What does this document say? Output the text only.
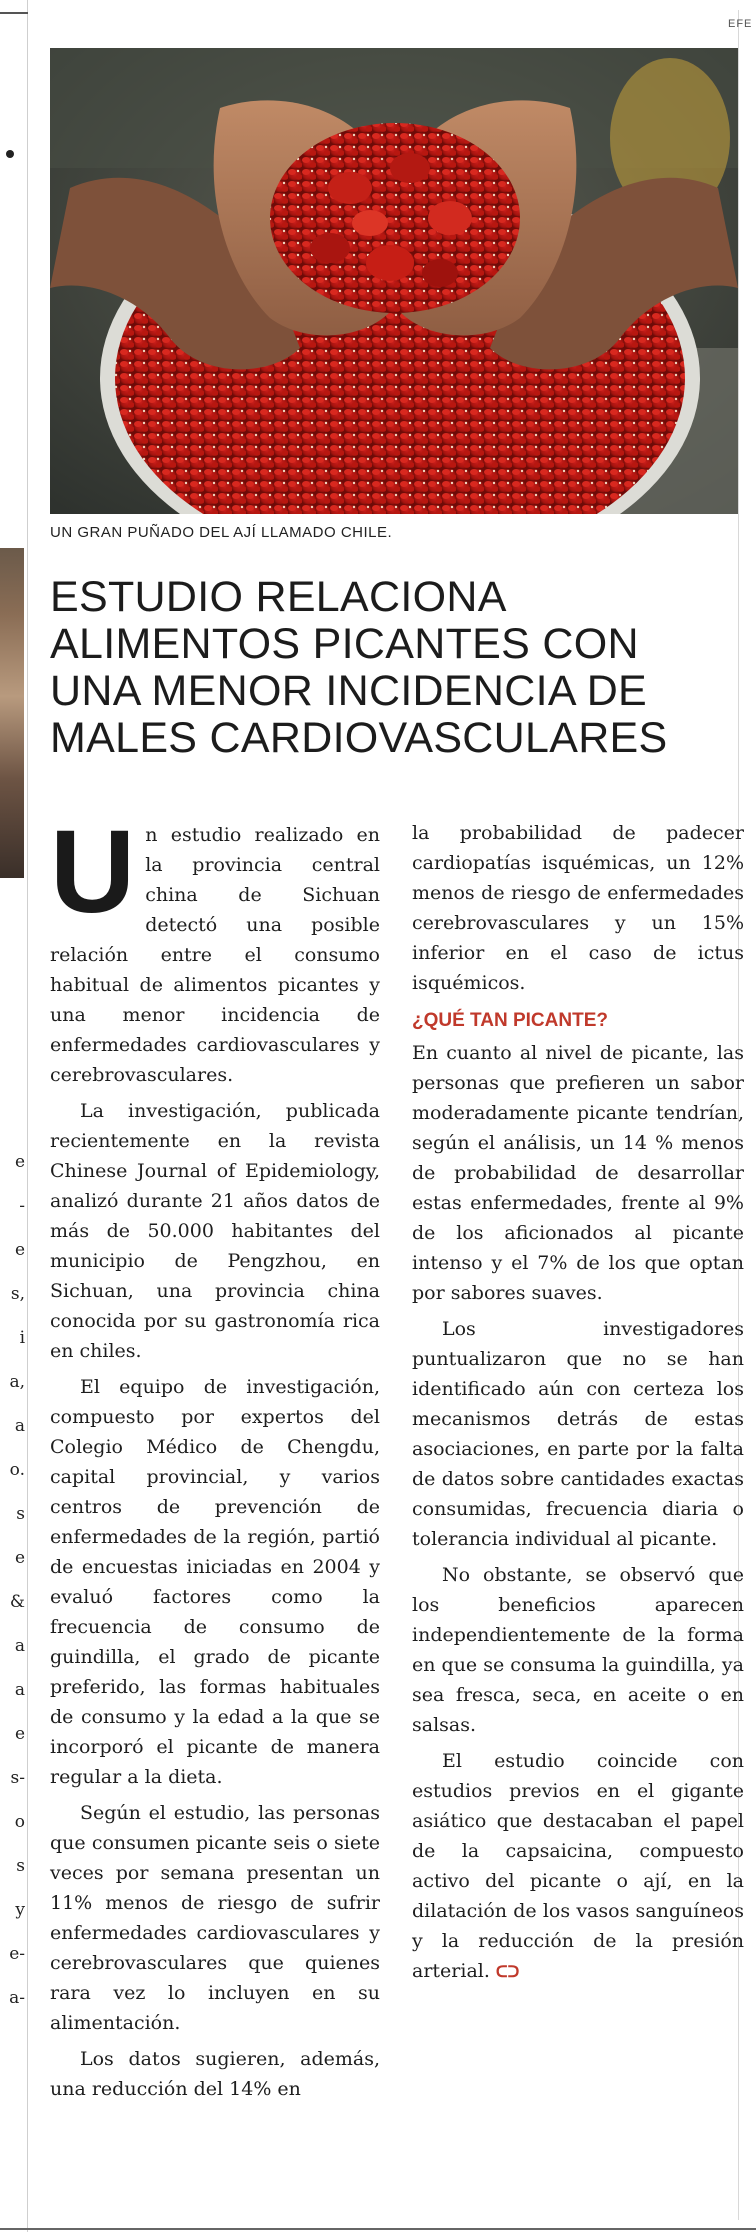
e
-
e
s,
i
a,
a
o.
s
e
&
a
a
e
s-
o
s
y
e-
a-
EFE
UN GRAN PUÑADO DEL AJÍ LLAMADO CHILE.
ESTUDIO RELACIONA ALIMENTOS PICANTES CON UNA MENOR INCIDENCIA DE MALES CARDIOVASCULARES

Un estudio realizado en la provincia central china de Sichuan detectó una posible relación entre el consumo habitual de alimentos picantes y una menor incidencia de enfermedades cardiovasculares y cerebrovasculares.

La investigación, publicada recientemente en la revista Chinese Journal of Epidemiology, analizó durante 21 años datos de más de 50.000 habitantes del municipio de Pengzhou, en Sichuan, una provincia china conocida por su gastronomía rica en chiles.

El equipo de investigación, compuesto por expertos del Colegio Médico de Chengdu, capital provincial, y varios centros de prevención de enfermedades de la región, partió de encuestas iniciadas en 2004 y evaluó factores como la frecuencia de consumo de guindilla, el grado de picante preferido, las formas habituales de consumo y la edad a la que se incorporó el picante de manera regular a la dieta.

Según el estudio, las personas que consumen picante seis o siete veces por semana presentan un 11% menos de riesgo de sufrir enfermedades cardiovasculares y cerebrovasculares que quienes rara vez lo incluyen en su alimentación.

Los datos sugieren, además, una reducción del 14% en

la probabilidad de padecer cardiopatías isquémicas, un 12% menos de riesgo de enfermedades cerebrovasculares y un 15% inferior en el caso de ictus isquémicos.

¿QUÉ TAN PICANTE?

En cuanto al nivel de picante, las personas que prefieren un sabor moderadamente picante tendrían, según el análisis, un 14 % menos de probabilidad de desarrollar estas enfermedades, frente al 9% de los aficionados al picante intenso y el 7% de los que optan por sabores suaves.

Los investigadores puntualizaron que no se han identificado aún con certeza los mecanismos detrás de estas asociaciones, en parte por la falta de datos sobre cantidades exactas consumidas, frecuencia diaria o tolerancia individual al picante.

No obstante, se observó que los beneficios aparecen independientemente de la forma en que se consuma la guindilla, ya sea fresca, seca, en aceite o en salsas.

El estudio coincide con estudios previos en el gigante asiático que destacaban el papel de la capsaicina, compuesto activo del picante o ají, en la dilatación de los vasos sanguíneos y la reducción de la presión arterial. ᑕᑐ
